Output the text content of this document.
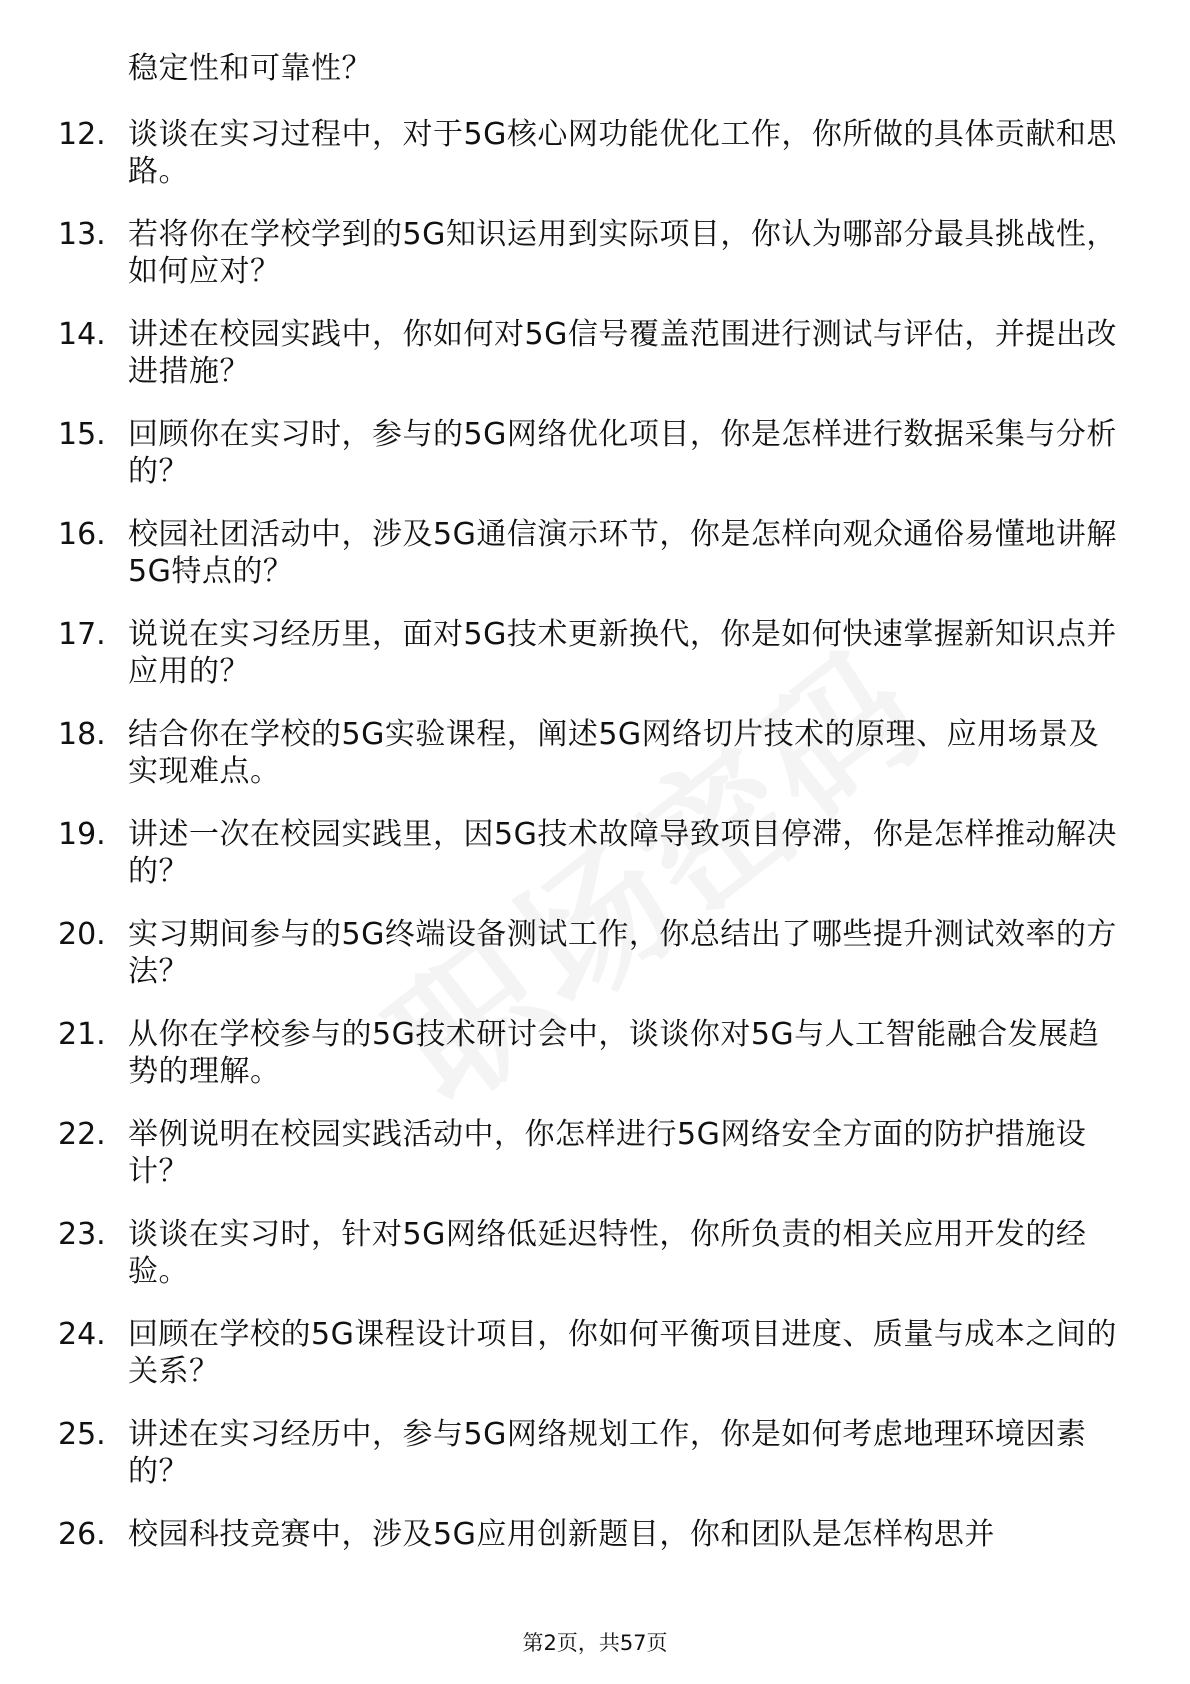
稳定性和可靠性？
12. 谈谈在实习过程中，对于5G核心网功能优化工作，你所做的具体贡献和思路。
13. 若将你在学校学到的5G知识运用到实际项目，你认为哪部分最具挑战性，如何应对？
14. 讲述在校园实践中，你如何对5G信号覆盖范围进行测试与评估，并提出改进措施？
15. 回顾你在实习时，参与的5G网络优化项目，你是怎样进行数据采集与分析的？
16. 校园社团活动中，涉及5G通信演示环节，你是怎样向观众通俗易懂地讲解5G特点的？
17. 说说在实习经历里，面对5G技术更新换代，你是如何快速掌握新知识点并应用的？
18. 结合你在学校的5G实验课程，阐述5G网络切片技术的原理、应用场景及实现难点。
19. 讲述一次在校园实践里，因5G技术故障导致项目停滞，你是怎样推动解决的？
20. 实习期间参与的5G终端设备测试工作，你总结出了哪些提升测试效率的方法？
21. 从你在学校参与的5G技术研讨会中，谈谈你对5G与人工智能融合发展趋势的理解。
22. 举例说明在校园实践活动中，你怎样进行5G网络安全方面的防护措施设计？
23. 谈谈在实习时，针对5G网络低延迟特性，你所负责的相关应用开发的经验。
24. 回顾在学校的5G课程设计项目，你如何平衡项目进度、质量与成本之间的关系？
25. 讲述在实习经历中，参与5G网络规划工作，你是如何考虑地理环境因素的？
26. 校园科技竞赛中，涉及5G应用创新题目，你和团队是怎样构思并
第2页，共57页
